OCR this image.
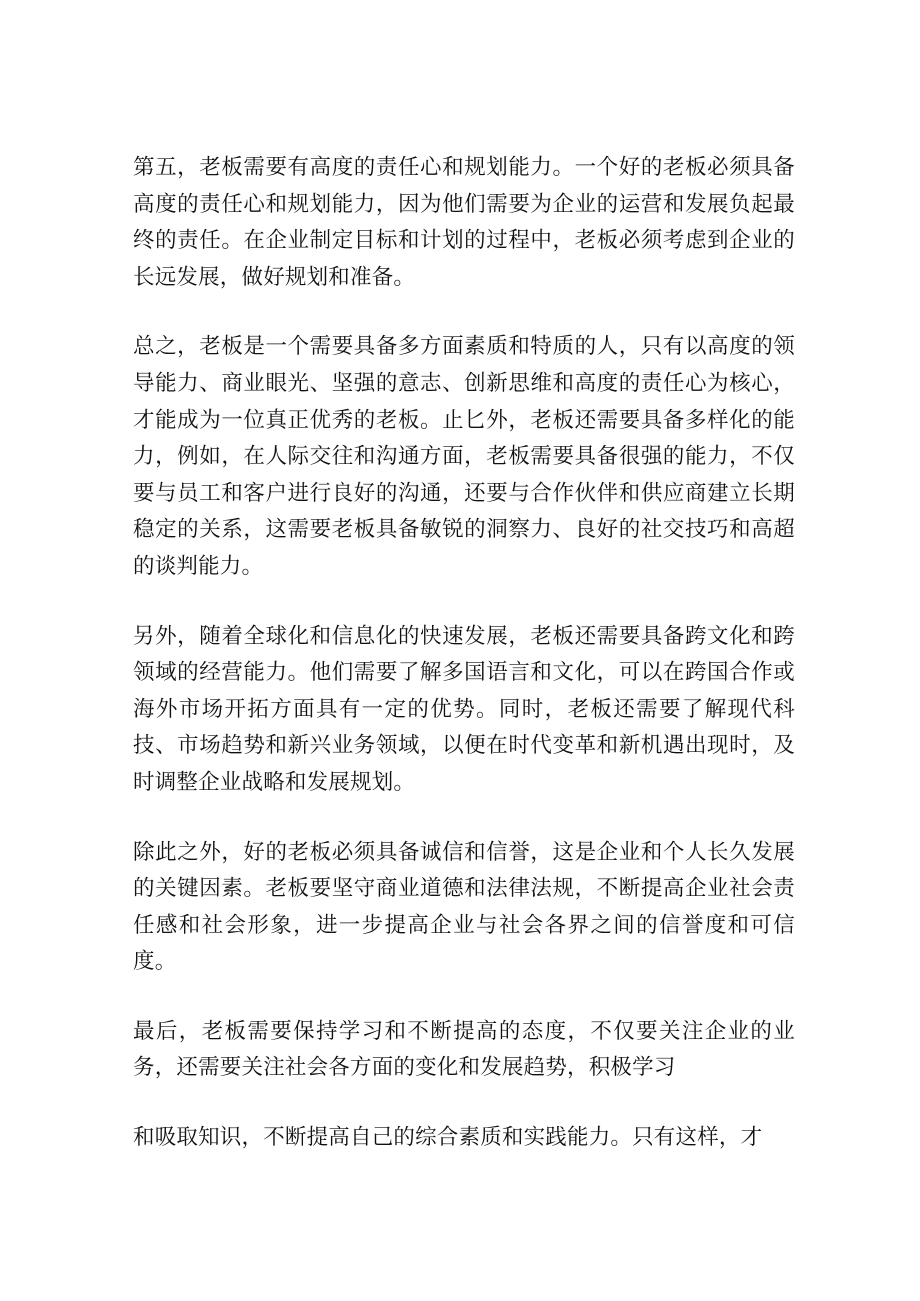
第五，老板需要有高度的责任心和规划能力。一个好的老板必须具备高度的责任心和规划能力，因为他们需要为企业的运营和发展负起最终的责任。在企业制定目标和计划的过程中，老板必须考虑到企业的长远发展，做好规划和准备。

总之，老板是一个需要具备多方面素质和特质的人，只有以高度的领导能力、商业眼光、坚强的意志、创新思维和高度的责任心为核心，才能成为一位真正优秀的老板。止匕外，老板还需要具备多样化的能力，例如，在人际交往和沟通方面，老板需要具备很强的能力，不仅要与员工和客户进行良好的沟通，还要与合作伙伴和供应商建立长期稳定的关系，这需要老板具备敏锐的洞察力、良好的社交技巧和高超的谈判能力。

另外，随着全球化和信息化的快速发展，老板还需要具备跨文化和跨领域的经营能力。他们需要了解多国语言和文化，可以在跨国合作或海外市场开拓方面具有一定的优势。同时，老板还需要了解现代科技、市场趋势和新兴业务领域，以便在时代变革和新机遇出现时，及时调整企业战略和发展规划。

除此之外，好的老板必须具备诚信和信誉，这是企业和个人长久发展的关键因素。老板要坚守商业道德和法律法规，不断提高企业社会责任感和社会形象，进一步提高企业与社会各界之间的信誉度和可信度。

最后，老板需要保持学习和不断提高的态度，不仅要关注企业的业务，还需要关注社会各方面的变化和发展趋势，积极学习

和吸取知识，不断提高自己的综合素质和实践能力。只有这样，才
